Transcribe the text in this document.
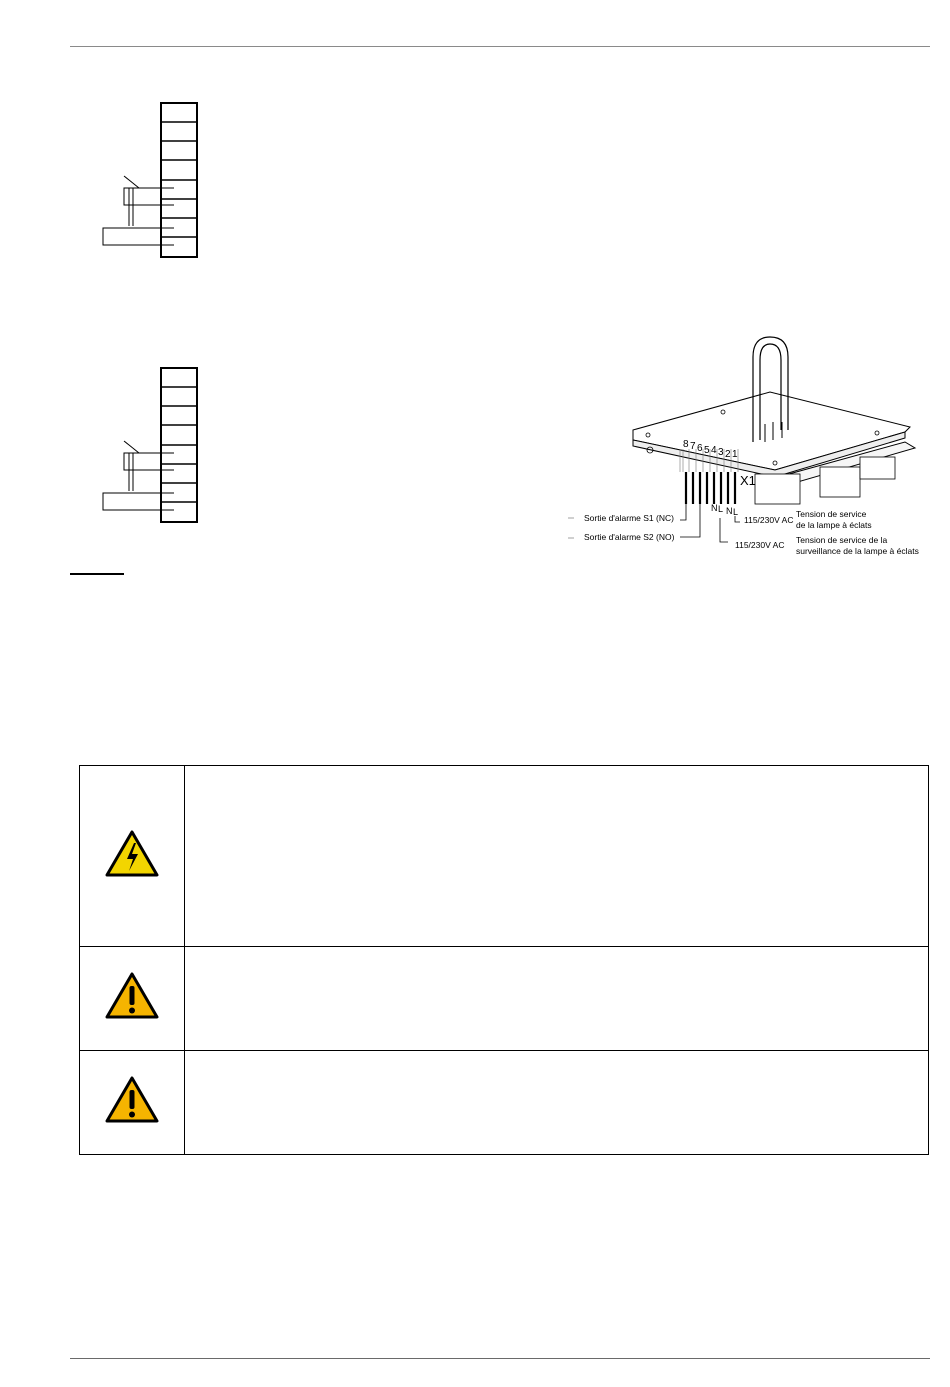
8 7 6 5 4 3 2 1
X1
N L N L
Sortie d'alarme S1 (NC)
Sortie d'alarme S2 (NO)
115/230V AC
115/230V AC
Tension de service
de la lampe à éclats
Tension de service de la
surveillance de la lampe à éclats
